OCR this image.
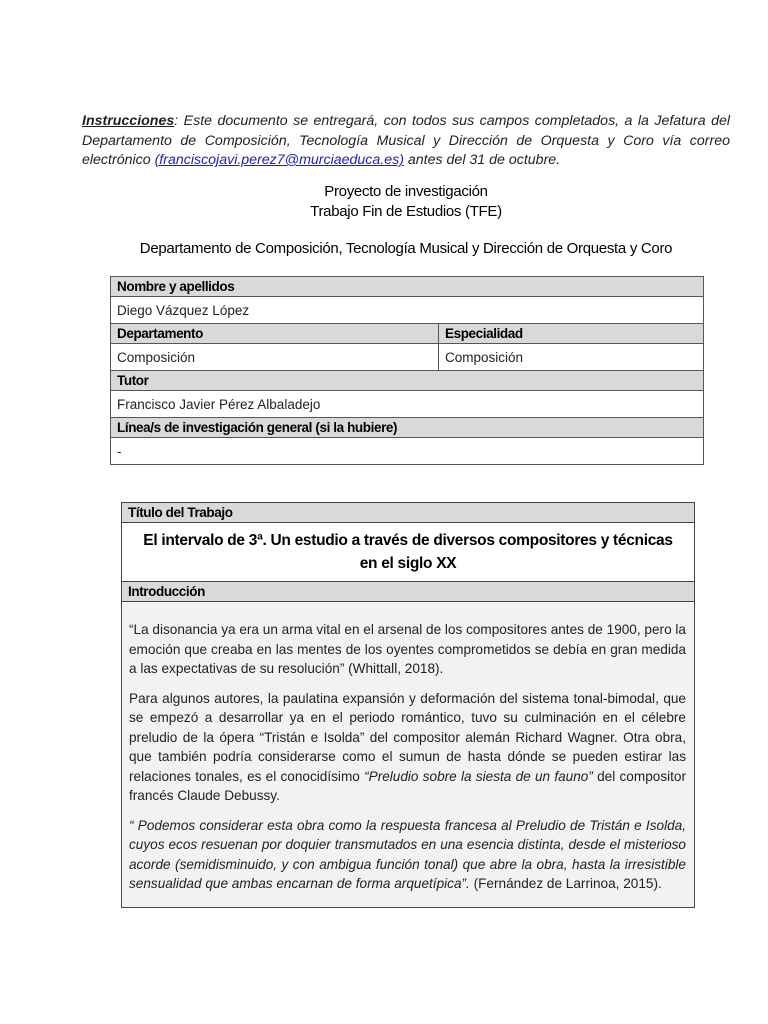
Instrucciones: Este documento se entregará, con todos sus campos completados, a la Jefatura del Departamento de Composición, Tecnología Musical y Dirección de Orquesta y Coro vía correo electrónico (franciscojavi.perez7@murciaeduca.es) antes del 31 de octubre.
Proyecto de investigación
Trabajo Fin de Estudios (TFE)
Departamento de Composición, Tecnología Musical y Dirección de Orquesta y Coro
Nombre y apellidos	
Diego Vázquez López	
Departamento	Especialidad
Composición	Composición
Tutor	
Francisco Javier Pérez Albaladejo	
Línea/s de investigación general (si la hubiere)	
-	
Título del Trabajo
El intervalo de 3ª. Un estudio a través de diversos compositores y técnicas en el siglo XX
Introducción

“La disonancia ya era un arma vital en el arsenal de los compositores antes de 1900, pero la emoción que creaba en las mentes de los oyentes comprometidos se debía en gran medida a las expectativas de su resolución” (Whittall, 2018).

Para algunos autores, la paulatina expansión y deformación del sistema tonal-bimodal, que se empezó a desarrollar ya en el periodo romántico, tuvo su culminación en el célebre preludio de la ópera “Tristán e Isolda” del compositor alemán Richard Wagner. Otra obra, que también podría considerarse como el sumun de hasta dónde se pueden estirar las relaciones tonales, es el conocidísimo “Preludio sobre la siesta de un fauno” del compositor francés Claude Debussy.

“ Podemos considerar esta obra como la respuesta francesa al Preludio de Tristán e Isolda, cuyos ecos resuenan por doquier transmutados en una esencia distinta, desde el misterioso acorde (semidisminuido, y con ambigua función tonal) que abre la obra, hasta la irresistible sensualidad que ambas encarnan de forma arquetípica”. (Fernández de Larrinoa, 2015).
